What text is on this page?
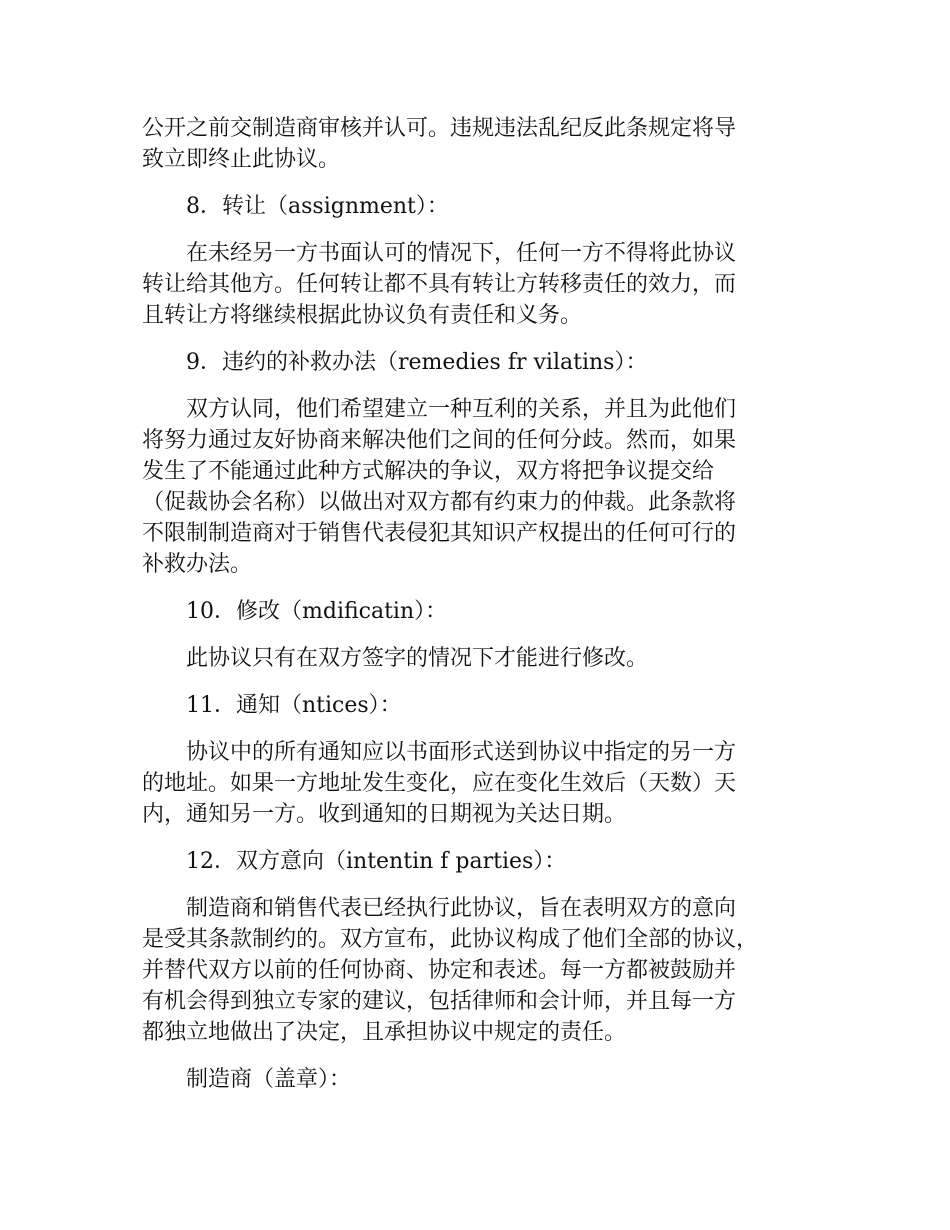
公开之前交制造商审核并认可。违规违法乱纪反此条规定将导
致立即终止此协议。
8．转让（assignment）：
在未经另一方书面认可的情况下，任何一方不得将此协议
转让给其他方。任何转让都不具有转让方转移责任的效力，而
且转让方将继续根据此协议负有责任和义务。
9．违约的补救办法（remedies fr vilatins）：
双方认同，他们希望建立一种互利的关系，并且为此他们
将努力通过友好协商来解决他们之间的任何分歧。然而，如果
发生了不能通过此种方式解决的争议，双方将把争议提交给
（促裁协会名称）以做出对双方都有约束力的仲裁。此条款将
不限制制造商对于销售代表侵犯其知识产权提出的任何可行的
补救办法。
10．修改（mdificatin）：
此协议只有在双方签字的情况下才能进行修改。
11．通知（ntices）：
协议中的所有通知应以书面形式送到协议中指定的另一方
的地址。如果一方地址发生变化，应在变化生效后（天数）天
内，通知另一方。收到通知的日期视为关达日期。
12．双方意向（intentin f parties）：
制造商和销售代表已经执行此协议，旨在表明双方的意向
是受其条款制约的。双方宣布，此协议构成了他们全部的协议，
并替代双方以前的任何协商、协定和表述。每一方都被鼓励并
有机会得到独立专家的建议，包括律师和会计师，并且每一方
都独立地做出了决定，且承担协议中规定的责任。
制造商（盖章）：
